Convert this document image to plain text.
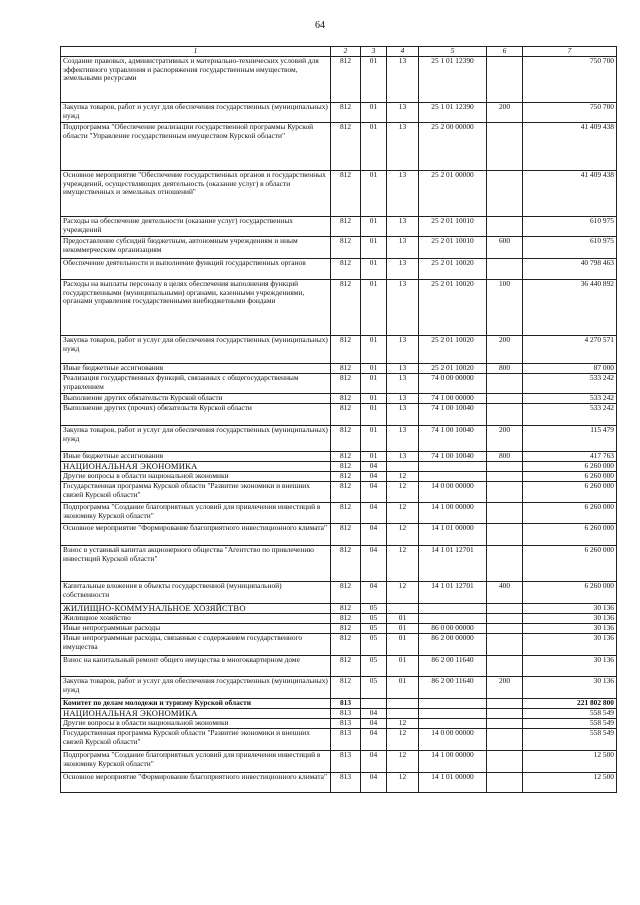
64
1	2	3	4	5	6	7
Создание правовых, административных и материально-технических условий для эффективного управления и распоряжения государственным имуществом, земельными ресурсами	812	01	13	25 1 01 12390		750 700
Закупка товаров, работ и услуг для обеспечения государственных (муниципальных) нужд	812	01	13	25 1 01 12390	200	750 700
Подпрограмма "Обеспечение реализации государственной программы Курской области "Управление государственным имуществом Курской области"	812	01	13	25 2 00 00000		41 409 438
Основное мероприятие "Обеспечение государственных органов и государственных учреждений, осуществляющих деятельность (оказание услуг) в области имущественных и земельных отношений"	812	01	13	25 2 01 00000		41 409 438
Расходы на обеспечение деятельности (оказание услуг) государственных учреждений	812	01	13	25 2 01 10010		610 975
Предоставление субсидий бюджетным, автономным учреждениям и иным некоммерческим организациям	812	01	13	25 2 01 10010	600	610 975
Обеспечение деятельности и выполнение функций государственных органов	812	01	13	25 2 01 10020		40 798 463
Расходы на выплаты персоналу в целях обеспечения выполнения функций государственными (муниципальными) органами, казенными учреждениями, органами управления государственными внебюджетными фондами	812	01	13	25 2 01 10020	100	36 440 892
Закупка товаров, работ и услуг для обеспечения государственных (муниципальных) нужд	812	01	13	25 2 01 10020	200	4 270 571
Иные бюджетные ассигнования	812	01	13	25 2 01 10020	800	87 000
Реализация государственных функций, связанных с общегосударственным управлением	812	01	13	74 0 00 00000		533 242
Выполнение других обязательств Курской области	812	01	13	74 1 00 00000		533 242
Выполнение других (прочих) обязательств Курской области	812	01	13	74 1 00 10040		533 242
Закупка товаров, работ и услуг для обеспечения государственных (муниципальных) нужд	812	01	13	74 1 00 10040	200	115 479
Иные бюджетные ассигнования	812	01	13	74 1 00 10040	800	417 763
НАЦИОНАЛЬНАЯ ЭКОНОМИКА	812	04				6 260 000
Другие вопросы в области национальной экономики	812	04	12			6 260 000
Государственная программа Курской области "Развитие экономики и внешних связей Курской области"	812	04	12	14 0 00 00000		6 260 000
Подпрограмма "Создание благоприятных условий для привлечения инвестиций в экономику Курской области"	812	04	12	14 1 00 00000		6 260 000
Основное мероприятие "Формирование благоприятного инвестиционного климата"	812	04	12	14 1 01 00000		6 260 000
Взнос в уставный капитал акционерного общества "Агентство по привлечению инвестиций Курской области"	812	04	12	14 1 01 12701		6 260 000
Капитальные вложения в объекты государственной (муниципальной) собственности	812	04	12	14 1 01 12701	400	6 260 000
ЖИЛИЩНО-КОММУНАЛЬНОЕ ХОЗЯЙСТВО	812	05				30 136
Жилищное хозяйство	812	05	01			30 136
Иные непрограммные расходы	812	05	01	86 0 00 00000		30 136
Иные непрограммные расходы, связанные с содержанием государственного имущества	812	05	01	86 2 00 00000		30 136
Взнос на капитальный ремонт общего имущества в многоквартирном доме	812	05	01	86 2 00 11640		30 136
Закупка товаров, работ и услуг для обеспечения государственных (муниципальных) нужд	812	05	01	86 2 00 11640	200	30 136
Комитет по делам молодежи и туризму Курской области	813					221 802 800
НАЦИОНАЛЬНАЯ ЭКОНОМИКА	813	04				558 549
Другие вопросы в области национальной экономики	813	04	12			558 549
Государственная программа Курской области "Развитие экономики и внешних связей Курской области"	813	04	12	14 0 00 00000		558 549
Подпрограмма "Создание благоприятных условий для привлечения инвестиций в экономику Курской области"	813	04	12	14 1 00 00000		12 500
Основное мероприятие "Формирование благоприятного инвестиционного климата"	813	04	12	14 1 01 00000		12 500
